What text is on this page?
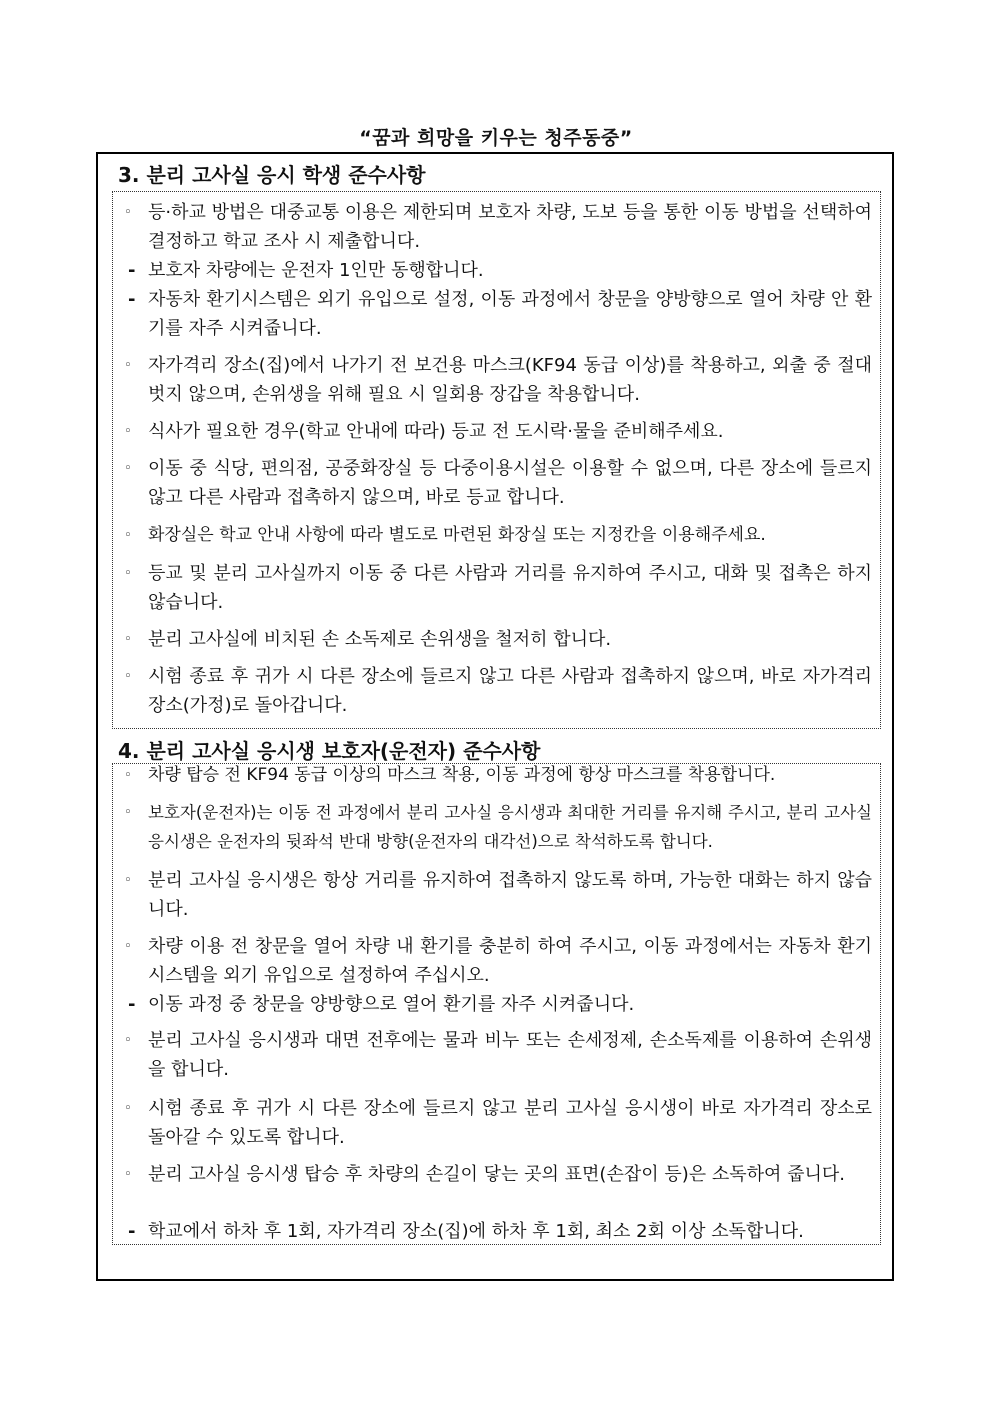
“꿈과 희망을 키우는 청주동중”
3. 분리 고사실 응시 학생 준수사항
◦ 등·하교 방법은 대중교통 이용은 제한되며 보호자 차량, 도보 등을 통한 이동 방법을 선택하여 결정하고 학교 조사 시 제출합니다.
- 보호자 차량에는 운전자 1인만 동행합니다.
- 자동차 환기시스템은 외기 유입으로 설정, 이동 과정에서 창문을 양방향으로 열어 차량 안 환기를 자주 시켜줍니다.
◦ 자가격리 장소(집)에서 나가기 전 보건용 마스크(KF94 동급 이상)를 착용하고, 외출 중 절대 벗지 않으며, 손위생을 위해 필요 시 일회용 장갑을 착용합니다.
◦ 식사가 필요한 경우(학교 안내에 따라) 등교 전 도시락·물을 준비해주세요.
◦ 이동 중 식당, 편의점, 공중화장실 등 다중이용시설은 이용할 수 없으며, 다른 장소에 들르지 않고 다른 사람과 접촉하지 않으며, 바로 등교 합니다.
◦ 화장실은 학교 안내 사항에 따라 별도로 마련된 화장실 또는 지정칸을 이용해주세요.
◦ 등교 및 분리 고사실까지 이동 중 다른 사람과 거리를 유지하여 주시고, 대화 및 접촉은 하지 않습니다.
◦ 분리 고사실에 비치된 손 소독제로 손위생을 철저히 합니다.
◦ 시험 종료 후 귀가 시 다른 장소에 들르지 않고 다른 사람과 접촉하지 않으며, 바로 자가격리 장소(가정)로 돌아갑니다.
4. 분리 고사실 응시생 보호자(운전자) 준수사항
◦ 차량 탑승 전 KF94 동급 이상의 마스크 착용, 이동 과정에 항상 마스크를 착용합니다.
◦ 보호자(운전자)는 이동 전 과정에서 분리 고사실 응시생과 최대한 거리를 유지해 주시고, 분리 고사실 응시생은 운전자의 뒷좌석 반대 방향(운전자의 대각선)으로 착석하도록 합니다.
◦ 분리 고사실 응시생은 항상 거리를 유지하여 접촉하지 않도록 하며, 가능한 대화는 하지 않습니다.
◦ 차량 이용 전 창문을 열어 차량 내 환기를 충분히 하여 주시고, 이동 과정에서는 자동차 환기시스템을 외기 유입으로 설정하여 주십시오.
- 이동 과정 중 창문을 양방향으로 열어 환기를 자주 시켜줍니다.
◦ 분리 고사실 응시생과 대면 전후에는 물과 비누 또는 손세정제, 손소독제를 이용하여 손위생을 합니다.
◦ 시험 종료 후 귀가 시 다른 장소에 들르지 않고 분리 고사실 응시생이 바로 자가격리 장소로 돌아갈 수 있도록 합니다.
◦ 분리 고사실 응시생 탑승 후 차량의 손길이 닿는 곳의 표면(손잡이 등)은 소독하여 줍니다.
- 학교에서 하차 후 1회, 자가격리 장소(집)에 하차 후 1회, 최소 2회 이상 소독합니다.
